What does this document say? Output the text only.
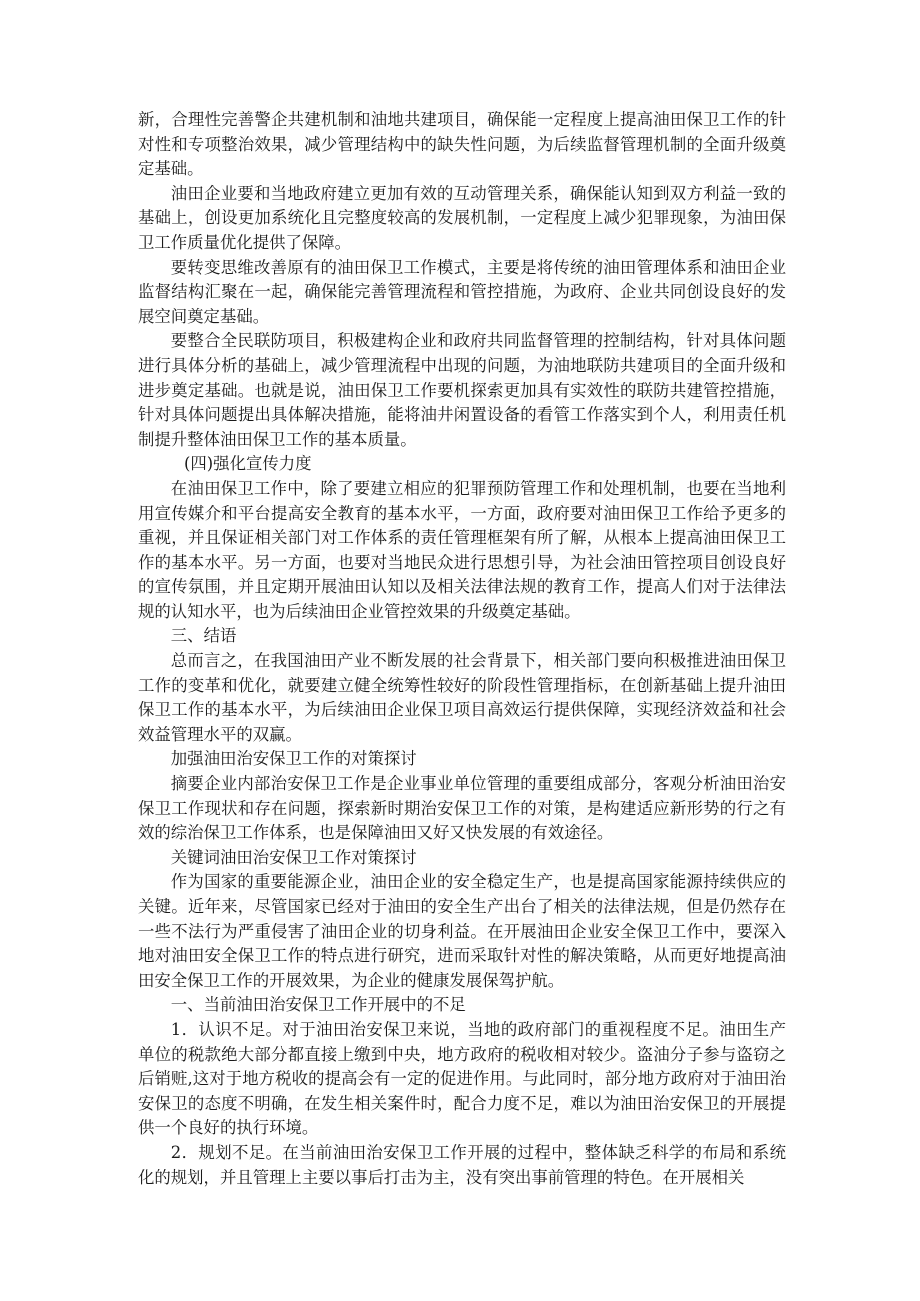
新，合理性完善警企共建机制和油地共建项目，确保能一定程度上提高油田保卫工作的针对性和专项整治效果，减少管理结构中的缺失性问题，为后续监督管理机制的全面升级奠定基础。

油田企业要和当地政府建立更加有效的互动管理关系，确保能认知到双方利益一致的基础上，创设更加系统化且完整度较高的发展机制，一定程度上减少犯罪现象，为油田保卫工作质量优化提供了保障。

要转变思维改善原有的油田保卫工作模式，主要是将传统的油田管理体系和油田企业监督结构汇聚在一起，确保能完善管理流程和管控措施，为政府、企业共同创设良好的发展空间奠定基础。

要整合全民联防项目，积极建构企业和政府共同监督管理的控制结构，针对具体问题进行具体分析的基础上，减少管理流程中出现的问题，为油地联防共建项目的全面升级和进步奠定基础。也就是说，油田保卫工作要机探索更加具有实效性的联防共建管控措施，针对具体问题提出具体解决措施，能将油井闲置设备的看管工作落实到个人，利用责任机制提升整体油田保卫工作的基本质量。

(四)强化宣传力度

在油田保卫工作中，除了要建立相应的犯罪预防管理工作和处理机制，也要在当地利用宣传媒介和平台提高安全教育的基本水平，一方面，政府要对油田保卫工作给予更多的重视，并且保证相关部门对工作体系的责任管理框架有所了解，从根本上提高油田保卫工作的基本水平。另一方面，也要对当地民众进行思想引导，为社会油田管控项目创设良好的宣传氛围，并且定期开展油田认知以及相关法律法规的教育工作，提高人们对于法律法规的认知水平，也为后续油田企业管控效果的升级奠定基础。

三、结语

总而言之，在我国油田产业不断发展的社会背景下，相关部门要向积极推进油田保卫工作的变革和优化，就要建立健全统筹性较好的阶段性管理指标，在创新基础上提升油田保卫工作的基本水平，为后续油田企业保卫项目高效运行提供保障，实现经济效益和社会效益管理水平的双赢。

加强油田治安保卫工作的对策探讨

摘要企业内部治安保卫工作是企业事业单位管理的重要组成部分，客观分析油田治安保卫工作现状和存在问题，探索新时期治安保卫工作的对策，是构建适应新形势的行之有效的综治保卫工作体系，也是保障油田又好又快发展的有效途径。

关键词油田治安保卫工作对策探讨

作为国家的重要能源企业，油田企业的安全稳定生产，也是提高国家能源持续供应的关键。近年来，尽管国家已经对于油田的安全生产出台了相关的法律法规，但是仍然存在一些不法行为严重侵害了油田企业的切身利益。在开展油田企业安全保卫工作中，要深入地对油田安全保卫工作的特点进行研究，进而采取针对性的解决策略，从而更好地提高油田安全保卫工作的开展效果，为企业的健康发展保驾护航。

一、当前油田治安保卫工作开展中的不足

1．认识不足。对于油田治安保卫来说，当地的政府部门的重视程度不足。油田生产单位的税款绝大部分都直接上缴到中央，地方政府的税收相对较少。盗油分子参与盗窃之后销赃,这对于地方税收的提高会有一定的促进作用。与此同时，部分地方政府对于油田治安保卫的态度不明确，在发生相关案件时，配合力度不足，难以为油田治安保卫的开展提供一个良好的执行环境。

2．规划不足。在当前油田治安保卫工作开展的过程中，整体缺乏科学的布局和系统化的规划，并且管理上主要以事后打击为主，没有突出事前管理的特色。在开展相关
